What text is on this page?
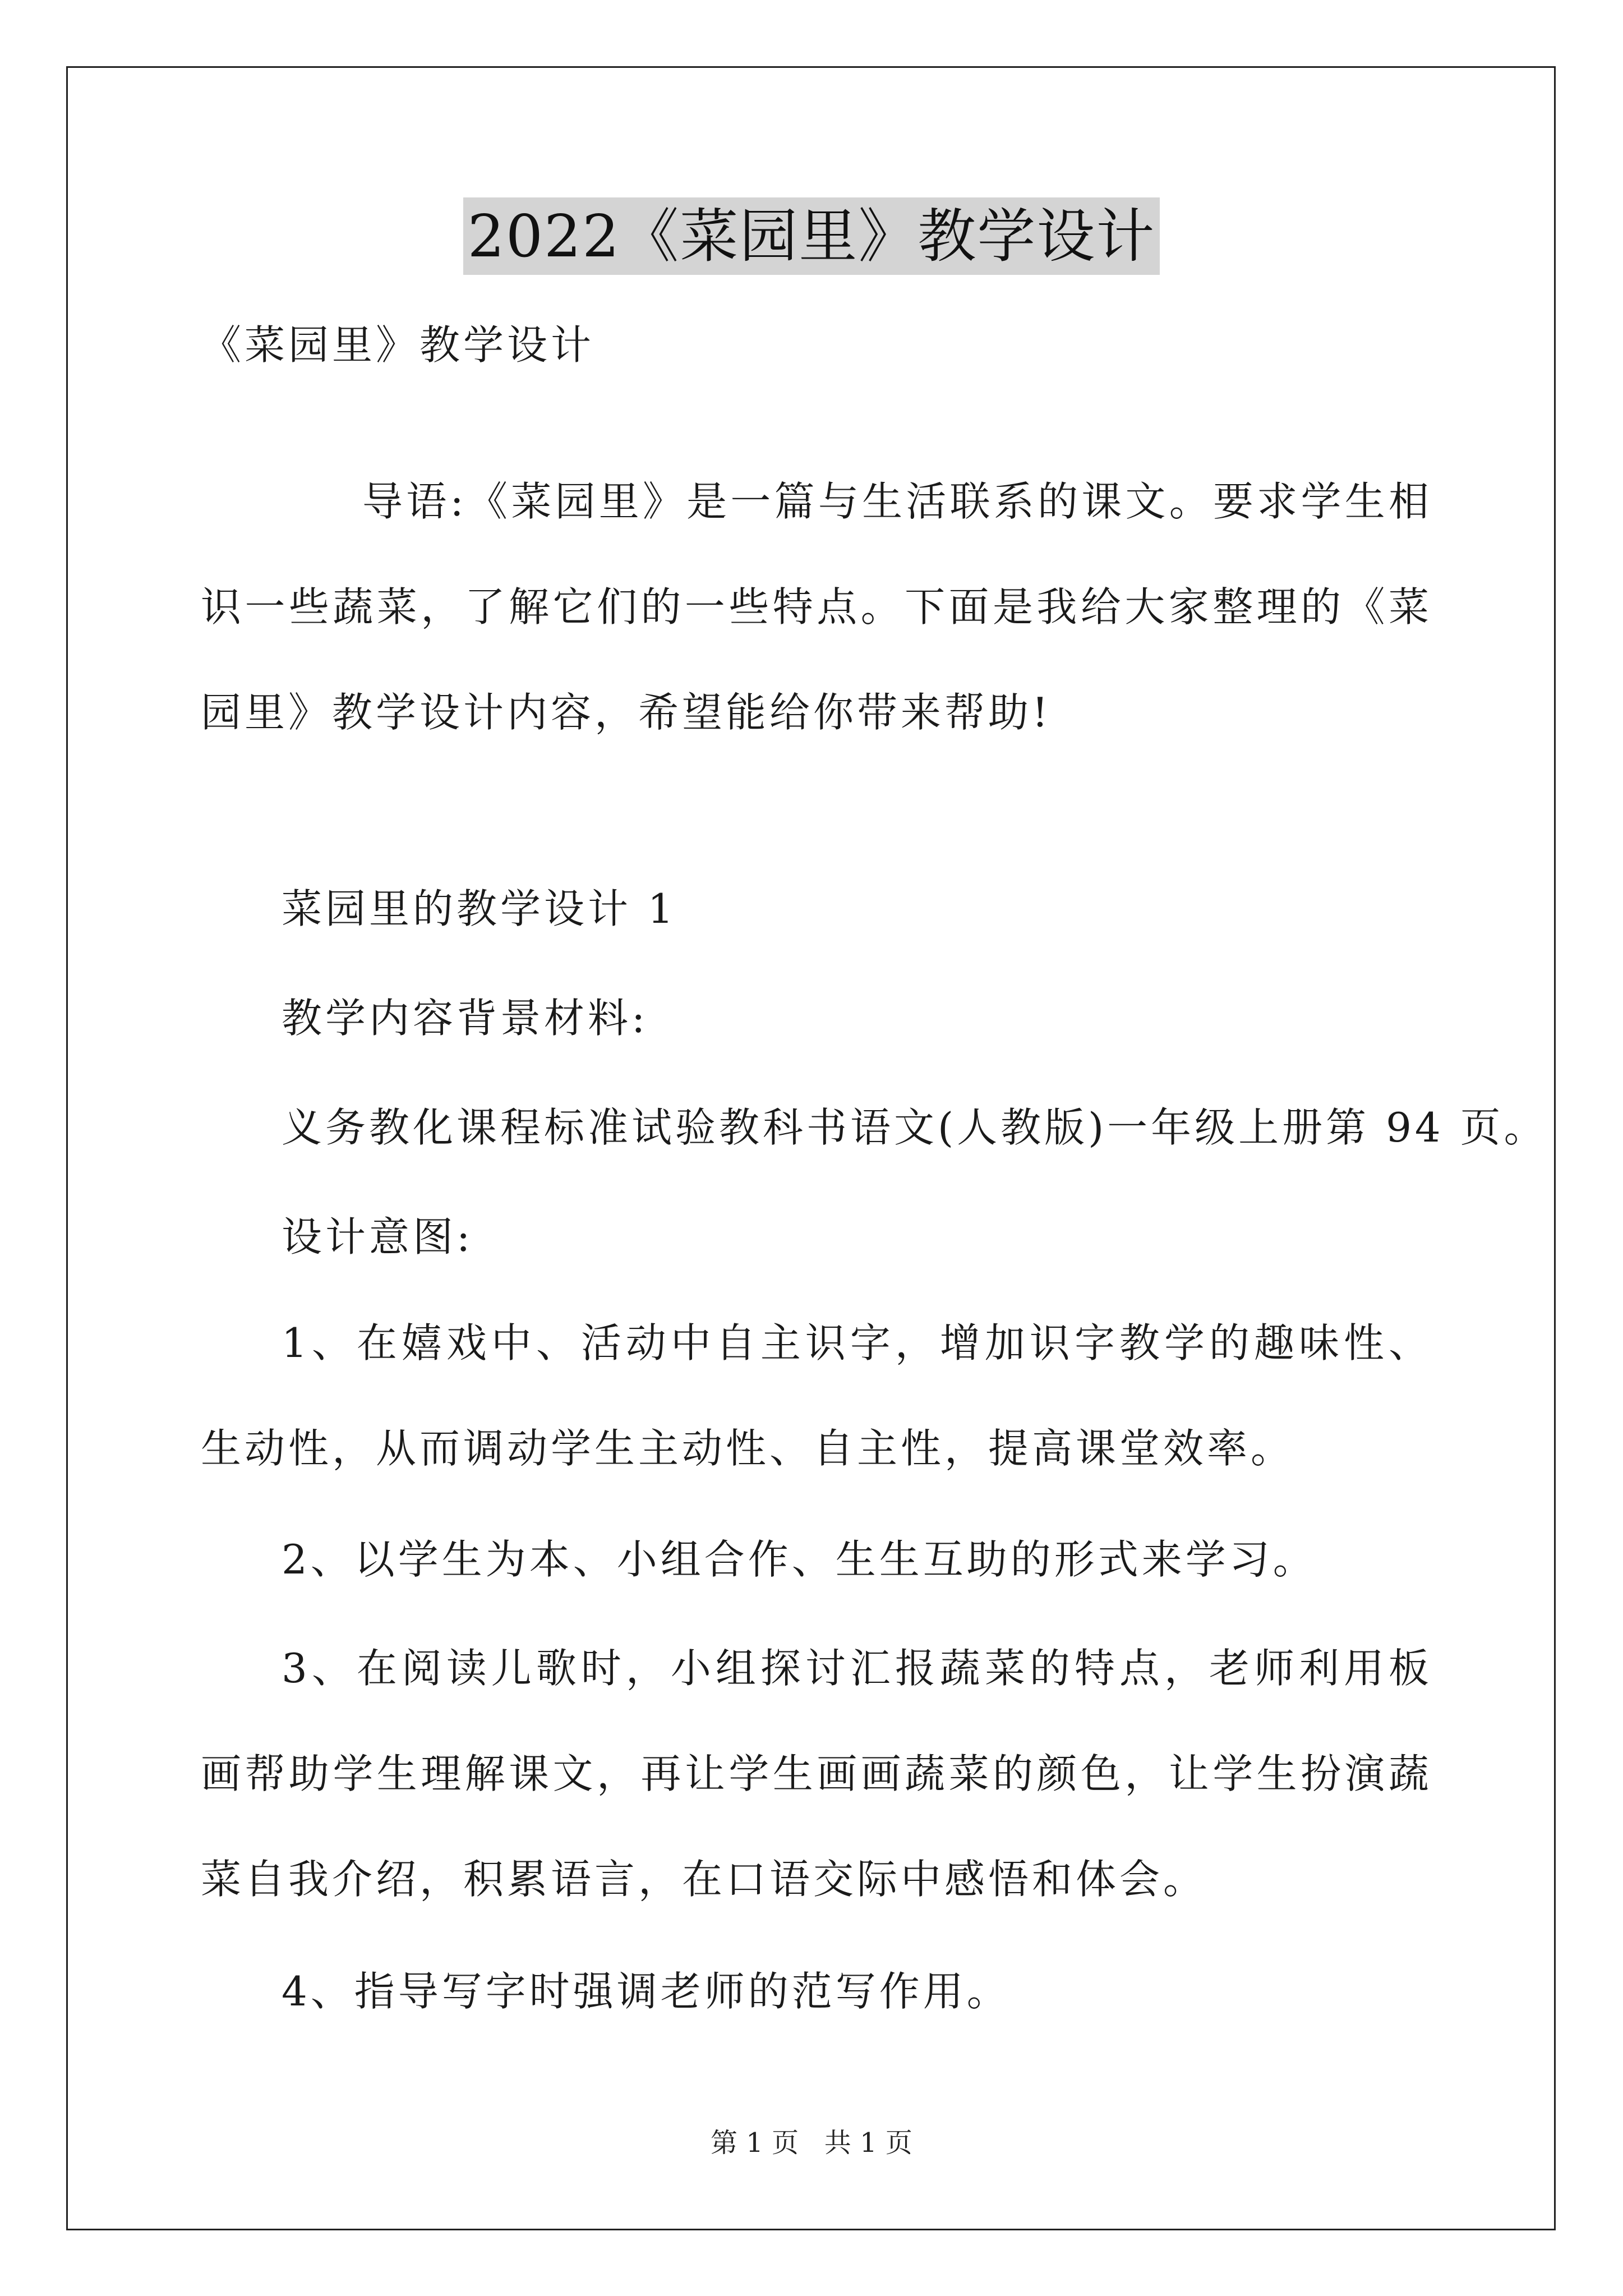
2022《菜园里》教学设计
《菜园里》教学设计
导语:《菜园里》是一篇与生活联系的课文。要求学生相识一些蔬菜，了解它们的一些特点。下面是我给大家整理的《菜园里》教学设计内容，希望能给你带来帮助!
菜园里的教学设计 1
教学内容背景材料:
义务教化课程标准试验教科书语文(人教版)一年级上册第 94 页。
设计意图:
1、在嬉戏中、活动中自主识字，增加识字教学的趣味性、生动性，从而调动学生主动性、自主性，提高课堂效率。
2、以学生为本、小组合作、生生互助的形式来学习。
3、在阅读儿歌时，小组探讨汇报蔬菜的特点，老师利用板画帮助学生理解课文，再让学生画画蔬菜的颜色，让学生扮演蔬菜自我介绍，积累语言，在口语交际中感悟和体会。
4、指导写字时强调老师的范写作用。
第 1 页   共 1 页
